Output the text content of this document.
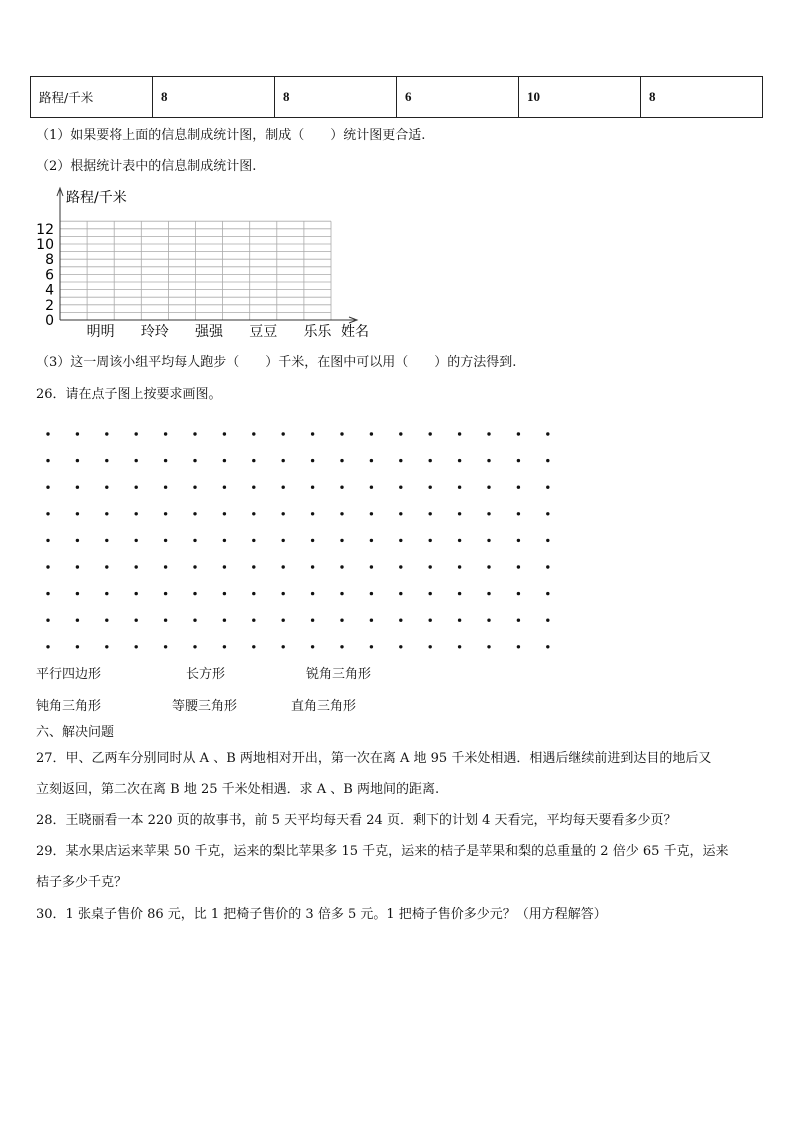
路程/千米	8	8	6	10	8
（1）如果要将上面的信息制成统计图，制成（　　）统计图更合适.
（2）根据统计表中的信息制成统计图.
0
2
4
6
8
10
12
明明 玲玲 强强 豆豆 乐乐
路程/千米
姓名
（3）这一周该小组平均每人跑步（　　）千米，在图中可以用（　　）的方法得到.
26．请在点子图上按要求画图。
平行四边形	长方形	锐角三角形
钝角三角形	等腰三角形	直角三角形
六、解决问题
27．甲、乙两车分别同时从 A 、B 两地相对开出，第一次在离 A 地 95 千米处相遇．相遇后继续前进到达目的地后又
立刻返回，第二次在离 B 地 25 千米处相遇．求 A 、B 两地间的距离.
28．王晓丽看一本 220 页的故事书，前 5 天平均每天看 24 页．剩下的计划 4 天看完，平均每天要看多少页？
29．某水果店运来苹果 50 千克，运来的梨比苹果多 15 千克，运来的桔子是苹果和梨的总重量的 2 倍少 65 千克，运来
桔子多少千克？
30．1 张桌子售价 86 元，比 1 把椅子售价的 3 倍多 5 元。1 把椅子售价多少元？（用方程解答）
